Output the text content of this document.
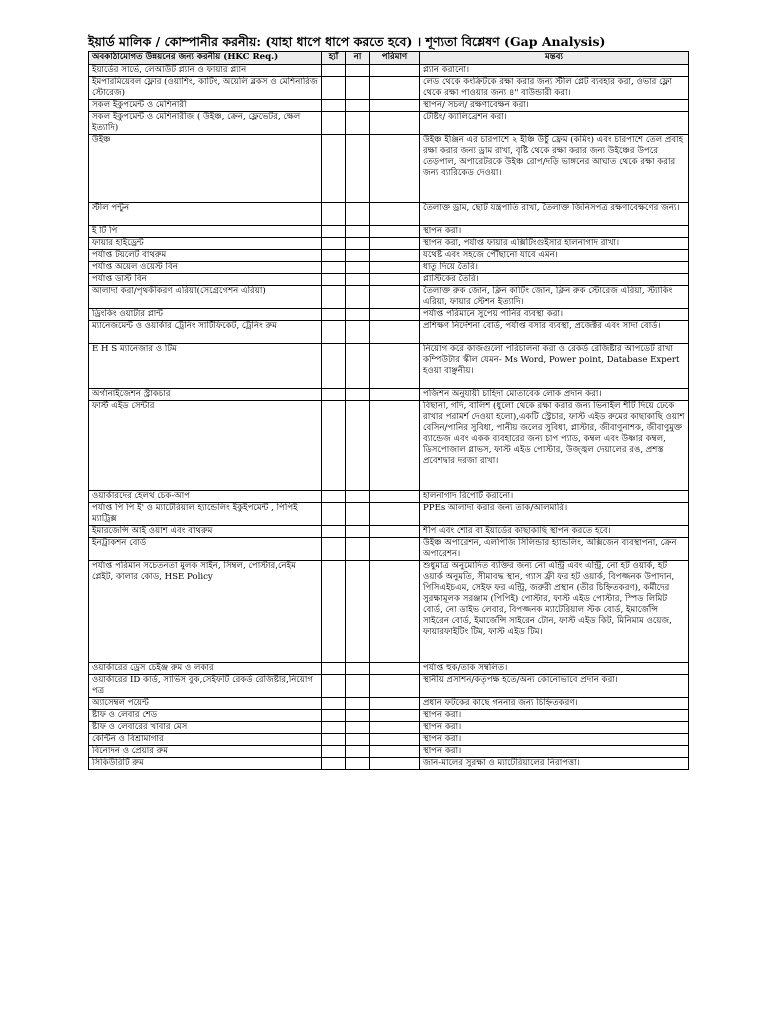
ইয়ার্ড মালিক / কোম্পানীর করনীয়: (যাহা ধাপে ধাপে করতে হবে) । শূণ্যতা বিশ্লেষণ (Gap Analysis)
অবকাঠামোগত উন্নয়নের জন্য করনীয় (HKC Req.)	হ্যাঁ	না	পরিমাণ	মন্তব্য
ইয়ার্ডের সার্ভে, লেআউট প্ল্যান ও ফায়ার প্ল্যান				প্ল্যান করানো।
ইমপারমিয়েবল ফ্লোর (ওয়াশিং, কাটিং, অয়েলি ব্লকস ও মেশিনারিজ স্টোরেজ)				লেড থেকে কংক্রিটকে রক্ষা করার জন্য স্টীল প্লেট ব্যবহার করা, ওভার ফ্লো থেকে রক্ষা পাওয়ার জন্য ৪" বাউন্ডারী করা।
সকল ইকুপমেন্ট ও মেশিনারী				স্থাপন/ সচল/ রক্ষণাবেক্ষন করা।
সকল ইকুপমেন্ট ও মেশিনারীজ ( উইঞ্চ, ক্রেন, ফ্লেভেটর, ক্ষেল ইত্যাদি)				টেষ্টিং/ ক্যালিব্রেশন করা।
উইঞ্চ				উইঞ্চ ইঞ্জিন এর চারপাশে ২ ইঞ্চি উচুঁ ফ্রেম (কমিং) এবং চারপাশে তেল প্রবাহ রক্ষা করার জন্য ড্রাম রাখা, বৃষ্টি থেকে রক্ষা করার জন্য উইঞ্চের উপরে তেড়পাল, অপারেটরকে উইঞ্চ রোপ/দড়ি ভাঙ্গনের আঘাত থেকে রক্ষা করার জন্য ব্যারিকেড দেওয়া।
স্টীল পন্টুন				তৈলাক্ত ড্রাম, ছোট যন্ত্রপাতি রাখা, তৈলাক্ত জিনিসপত্র রক্ষণাবেক্ষণের জন্য।
ই টি পি				স্থাপন করা।
ফায়ার হাইড্রেন্ট				স্থাপন করা, পর্যাপ্ত ফায়ার এক্সিটিংগুইসার হালনাগাদ রাখা।
পর্যাপ্ত টয়লেট বাথরুম				যথেষ্ট এবং সহজে পৌঁছানো যাবে এমন।
পর্যাপ্ত অয়েল ওয়েস্ট বিন				ধাতু দিয়ে তৈরি।
পর্যাপ্ত ডাস্ট বিন				প্লাস্টিকের তৈরি।
আলাদা করা/পৃথকীকরণ এরিয়া(সেগ্রেগেশন এরিয়া)				তৈলাক্ত রুক জোন, ক্লিন কাটিং জোন, ক্লিন রুক স্টোরেজ এরিয়া, স্ট্যাকিং এরিয়া, ফায়ার স্টেশন ইত্যাদি।
ড্রিংকিং ওয়াটার প্লান্ট				পর্যাপ্ত পরিমানে সুপেয় পানির ব্যবস্থা করা।
ম্যানেজমেন্ট ও ওয়ার্কার ট্রেনিং সার্টিফিকেট, ট্রেনিং রুম				প্রশিক্ষণ নির্দেশনা বোর্ড, পর্যাপ্ত বসার ব্যবস্থা, প্রজেক্টর এবং সাদা বোর্ড।
E H S ম্যানেজার ও টিম				নিয়োগ করে কাজগুলো পরিচালনা করা ও রেকর্ড রেজিষ্টার আপডেট রাখা কম্পিউটার স্কীল যেমন- Ms Word, Power point, Database Expert হওয়া বাঞ্ছনীয়।
অর্গানাইজেশন স্ট্রাকচার				পজিশন অনুযায়ী চাহিদা মোতাবেক লোক প্রদান করা।
ফার্স্ট এইড সেন্টার				বিছানা, গদি, বালিশ (ধুলো থেকে রক্ষা করার জন্য ভিনাইল শীট দিয়ে ঢেকে রাখার পরামর্শ দেওয়া হলো),একটি স্ট্রেচার, ফাস্ট এইড রুমের কাছাকাছি ওয়াশ বেসিন/পানির সুবিধা, পানীয় জলের সুবিধা, প্লাস্টার, জীবাণুনাশক, জীবাণুমুক্ত ব্যান্ডেজ এবং একক ব্যবহারের জন্য চাপ প্যাড, কম্বল এবং উষ্ণার কম্বল, ডিসপোজাল গ্লাভস, ফাস্ট এইড পোস্টার, উজ্জ্বল দেয়ালের রঙ, প্রশস্ত প্রবেশদ্বার দরজা রাখা।
ওয়ার্কারদের হেলথ চেক-আপ				হালনাগাদ রিপোর্ট করানো।
পর্যাপ্ত পি পি ই' ও ম্যাটেরিয়াল হ্যান্ডেলিং ইকুইপমেন্ট , পিপিই ম্যাট্রিক্স				PPEs আলাদা করার জন্য তাক/আলমারি।
ইমারজেন্সি আই ওয়াশ এবং বাথরুম				শীপ এবং শোর বা ইয়ার্ডের কাছাকাছি স্থাপন করতে হবে।
ইনট্রাকশন বোর্ড				উইঞ্চ অপারেশন, এলপিজি সিলিন্ডার হ্যান্ডলিং, অক্সিজেন ব্যবস্থাপনা, ক্রেন অপারেশন।
পর্যাপ্ত পরিমান সচেতনতা মুলক সাইন, সিম্বল, পোস্টার,নেইম প্লেইট, কালার কোড, HSE Policy				শুধুমাত্র অনুমোদিত ব্যক্তির জন্য নো এন্ট্রি এবং এন্ট্রি, নো হট ওয়ার্ক, হট ওয়ার্ক অনুমতি, সীমাবদ্ধ স্থান, গ্যাস ফ্রী ফর হট ওয়ার্ক, বিপজ্জনক উপাদান, পিসিএইচএম, সেইফ ফর এন্ট্রি, জরুরী প্রস্থান (তীর চিহ্নিতকরণ), কর্মীদের সুরক্ষামূলক সরঞ্জাম (পিপিই) পোস্টার, ফাস্ট এইড পোস্টার, স্পিড লিমিট বোর্ড, নো ডাইভ লেবার, বিপজ্জনক ম্যাটেরিয়াল স্টক বোর্ড, ইমার্জেন্সি সাইরেন বোর্ড, ইমার্জেন্সি সাইরেন টোন, ফাস্ট এইড কিট, মিনিমাম ওয়েজ, ফায়ারফাইটিং টিম, ফাস্ট এইড টিম।
ওয়ার্কারের ড্রেস চেইঞ্জ রুম ও লকার				পর্যাপ্ত হুক/তাক সম্বলিত।
ওয়ার্কারের ID কার্ড, সার্ভিস বুক,সেইফটি রেকর্ড রেজিষ্টার,নিয়োগ পত্র				স্থানীয় প্রসাশন/কতৃপক্ষ হতে/অন্য কোনোভাবে প্রদান করা।
অ্যাসেম্বল পয়েন্ট				প্রধান ফটকের কাছে গননার জন্য চিহ্নিতকরণ।
ষ্টাফ ও লেবার শেড				স্থাপন করা।
ষ্টাফ ও লেবারের খাবার মেস				স্থাপন করা।
কেন্টিন ও বিশ্রামাগার				স্থাপন করা।
বিনোদন ও প্রেয়ার রুম				স্থাপন করা।
সিকিউরিটি রুম				জান-মালের সুরক্ষা ও ম্যাটেরিয়ালের নিরাপত্তা।
